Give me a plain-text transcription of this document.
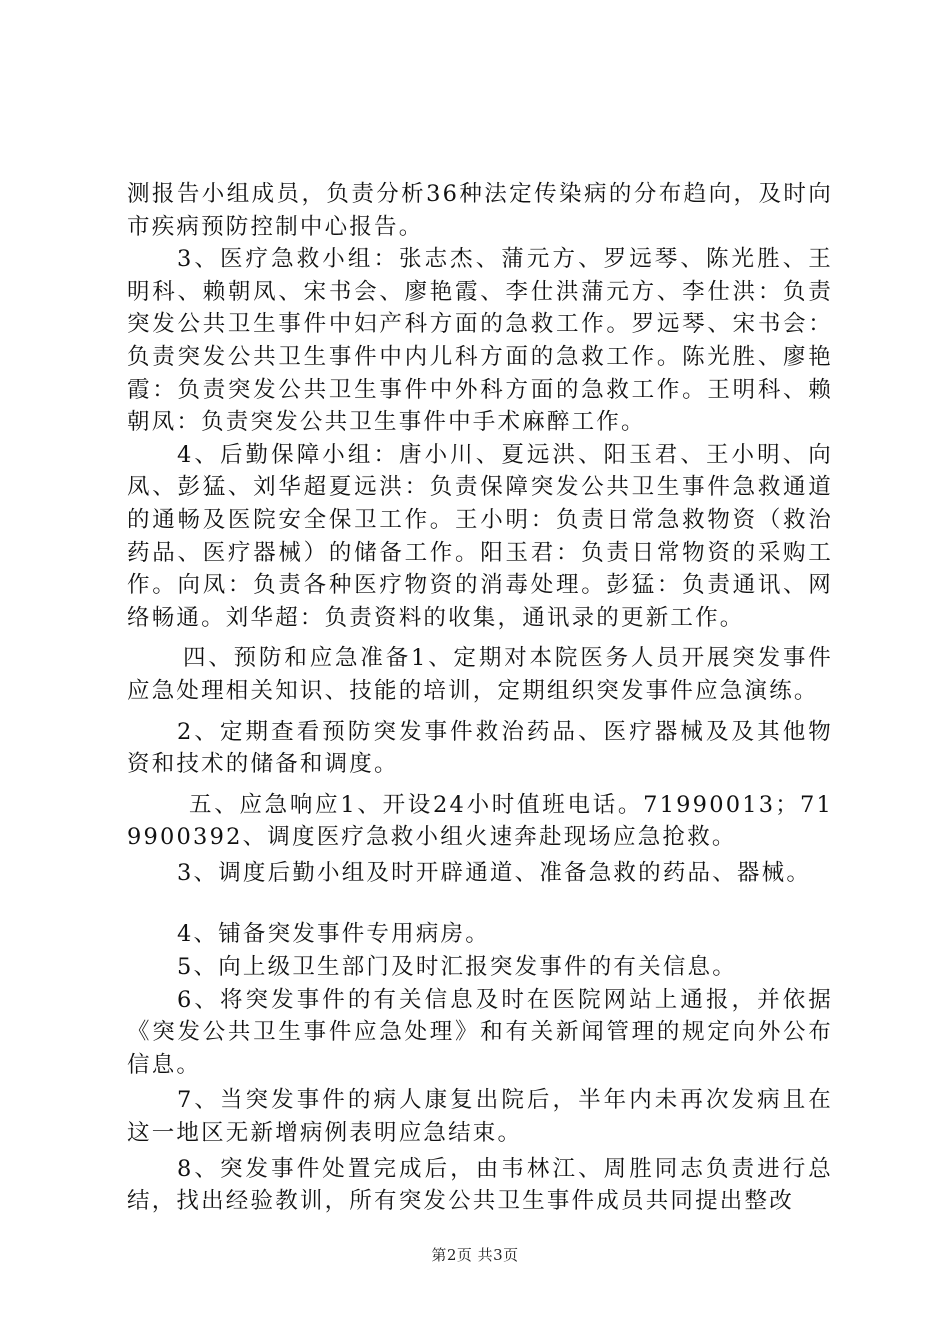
测报告小组成员，负责分析36种法定传染病的分布趋向，及时向市疾病预防控制中心报告。

3、医疗急救小组：张志杰、蒲元方、罗远琴、陈光胜、王明科、赖朝凤、宋书会、廖艳霞、李仕洪蒲元方、李仕洪：负责突发公共卫生事件中妇产科方面的急救工作。罗远琴、宋书会：负责突发公共卫生事件中内儿科方面的急救工作。陈光胜、廖艳霞：负责突发公共卫生事件中外科方面的急救工作。王明科、赖朝凤：负责突发公共卫生事件中手术麻醉工作。

4、后勤保障小组：唐小川、夏远洪、阳玉君、王小明、向凤、彭猛、刘华超夏远洪：负责保障突发公共卫生事件急救通道的通畅及医院安全保卫工作。王小明：负责日常急救物资（救治药品、医疗器械）的储备工作。阳玉君：负责日常物资的采购工作。向凤：负责各种医疗物资的消毒处理。彭猛：负责通讯、网络畅通。刘华超：负责资料的收集，通讯录的更新工作。

四、预防和应急准备1、定期对本院医务人员开展突发事件应急处理相关知识、技能的培训，定期组织突发事件应急演练。

2、定期查看预防突发事件救治药品、医疗器械及及其他物资和技术的储备和调度。

五、应急响应1、开设24小时值班电话。71990013；719900392、调度医疗急救小组火速奔赴现场应急抢救。

3、调度后勤小组及时开辟通道、准备急救的药品、器械。

4、铺备突发事件专用病房。

5、向上级卫生部门及时汇报突发事件的有关信息。

6、将突发事件的有关信息及时在医院网站上通报，并依据《突发公共卫生事件应急处理》和有关新闻管理的规定向外公布信息。

7、当突发事件的病人康复出院后，半年内未再次发病且在这一地区无新增病例表明应急结束。

8、突发事件处置完成后，由韦林江、周胜同志负责进行总结，找出经验教训，所有突发公共卫生事件成员共同提出整改

第2页 共3页
